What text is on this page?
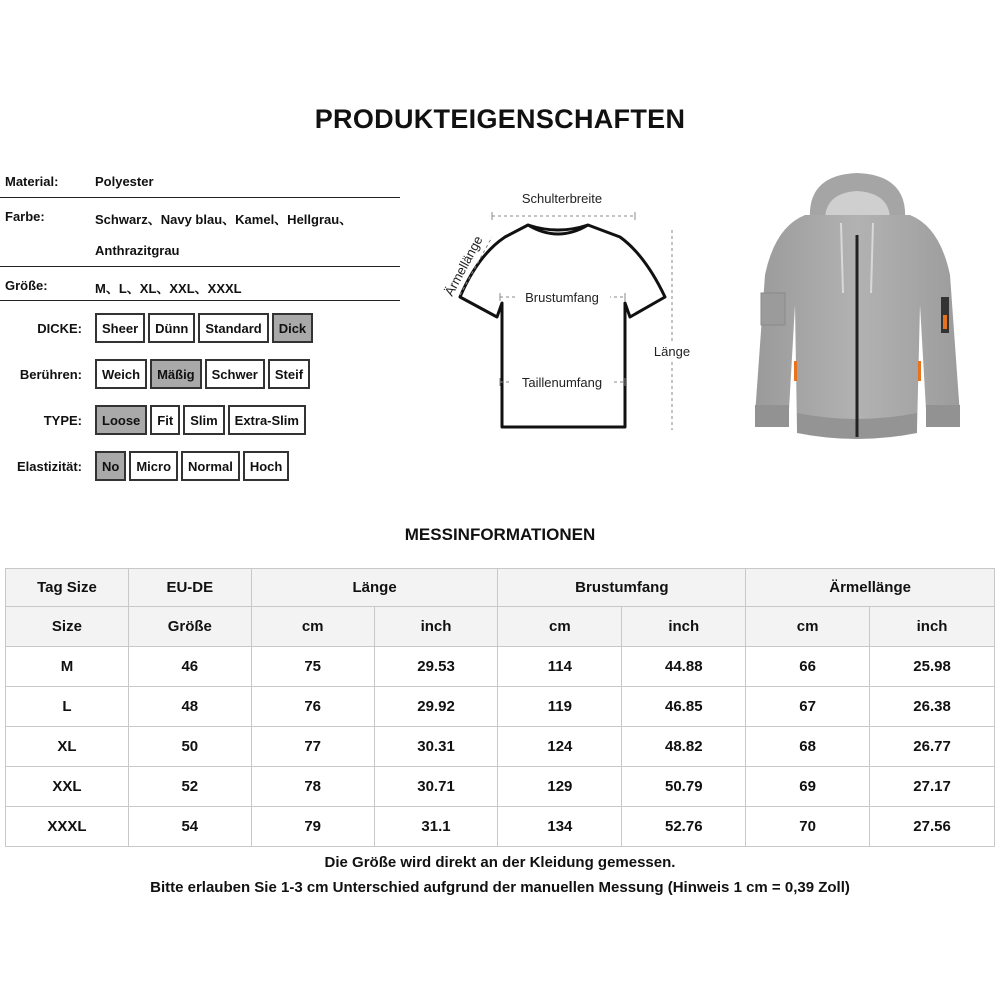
PRODUKTEIGENSCHAFTEN
Material:	Polyester
Farbe:	Schwarz、Navy blau、Kamel、Hellgrau、
Anthrazitgrau
Größe:	M、L、XL、XXL、XXXL
DICKE:	Sheer	Dünn	Standard	Dick
Berühren:	Weich	Mäßig	Schwer	Steif
TYPE:	Loose	Fit	Slim	Extra-Slim
Elastizität:	No	Micro	Normal	Hoch
Schulterbreite
Ärmellänge	Brustumfang
Taillenumfang
Länge
MESSINFORMATIONEN
Tag Size	EU-DE	Länge		Brustumfang		Ärmellänge	
Size	Größe	cm	inch	cm	inch	cm	inch
M	46	75	29.53	114	44.88	66	25.98
L	48	76	29.92	119	46.85	67	26.38
XL	50	77	30.31	124	48.82	68	26.77
XXL	52	78	30.71	129	50.79	69	27.17
XXXL	54	79	31.1	134	52.76	70	27.56
Die Größe wird direkt an der Kleidung gemessen.
Bitte erlauben Sie 1-3 cm Unterschied aufgrund der manuellen Messung (Hinweis 1 cm = 0,39 Zoll)
